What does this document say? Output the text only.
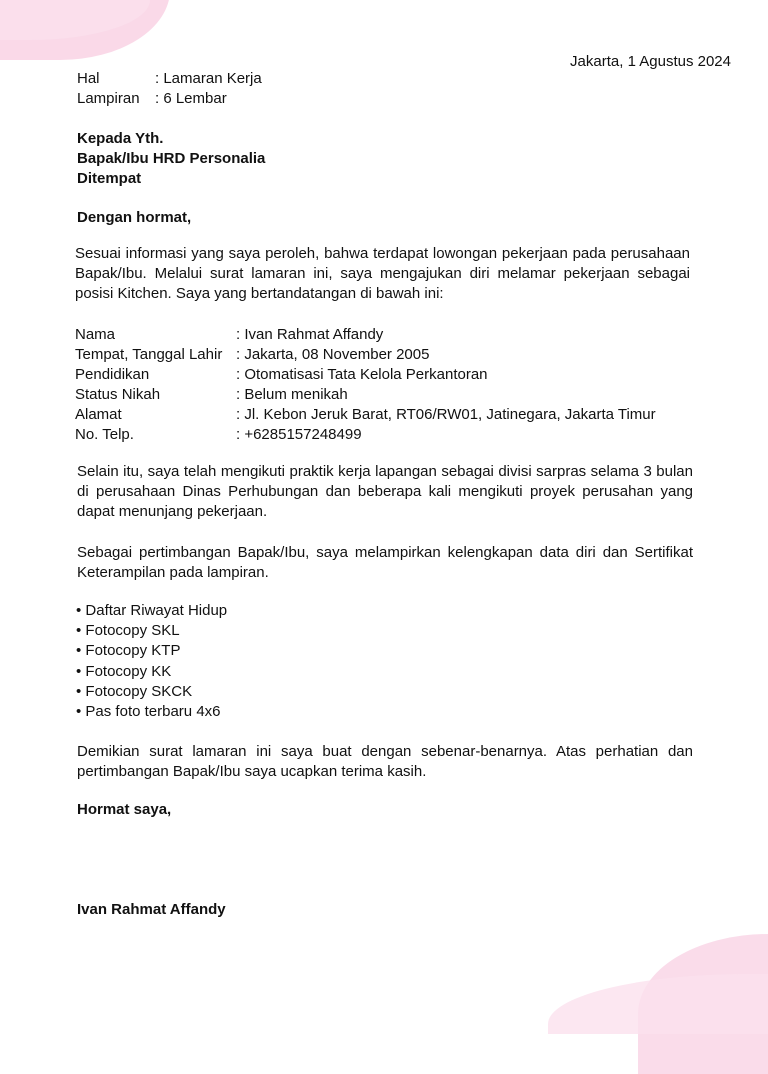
Jakarta, 1 Agustus 2024
Hal	: Lamaran Kerja
Lampiran : 6 Lembar
Kepada Yth.
Bapak/Ibu HRD Personalia
Ditempat
Dengan hormat,
Sesuai informasi yang saya peroleh, bahwa terdapat lowongan pekerjaan pada perusahaan Bapak/Ibu. Melalui surat lamaran ini, saya mengajukan diri melamar pekerjaan sebagai posisi Kitchen. Saya yang bertandatangan di bawah ini:
Nama	: Ivan Rahmat Affandy
Tempat, Tanggal Lahir : Jakarta, 08 November 2005
Pendidikan	: Otomatisasi Tata Kelola Perkantoran
Status Nikah	: Belum menikah
Alamat	: Jl. Kebon Jeruk Barat, RT06/RW01, Jatinegara, Jakarta Timur
No. Telp.	: +6285157248499
Selain itu, saya telah mengikuti praktik kerja lapangan sebagai divisi sarpras selama 3 bulan di perusahaan Dinas Perhubungan dan beberapa kali mengikuti proyek perusahan yang dapat menunjang pekerjaan.
Sebagai pertimbangan Bapak/Ibu, saya melampirkan kelengkapan data diri dan Sertifikat Keterampilan pada lampiran.
• Daftar Riwayat Hidup
• Fotocopy SKL
• Fotocopy KTP
• Fotocopy KK
• Fotocopy SKCK
• Pas foto terbaru 4x6
Demikian surat lamaran ini saya buat dengan sebenar-benarnya. Atas perhatian dan pertimbangan Bapak/Ibu saya ucapkan terima kasih.
Hormat saya,
Ivan Rahmat Affandy
